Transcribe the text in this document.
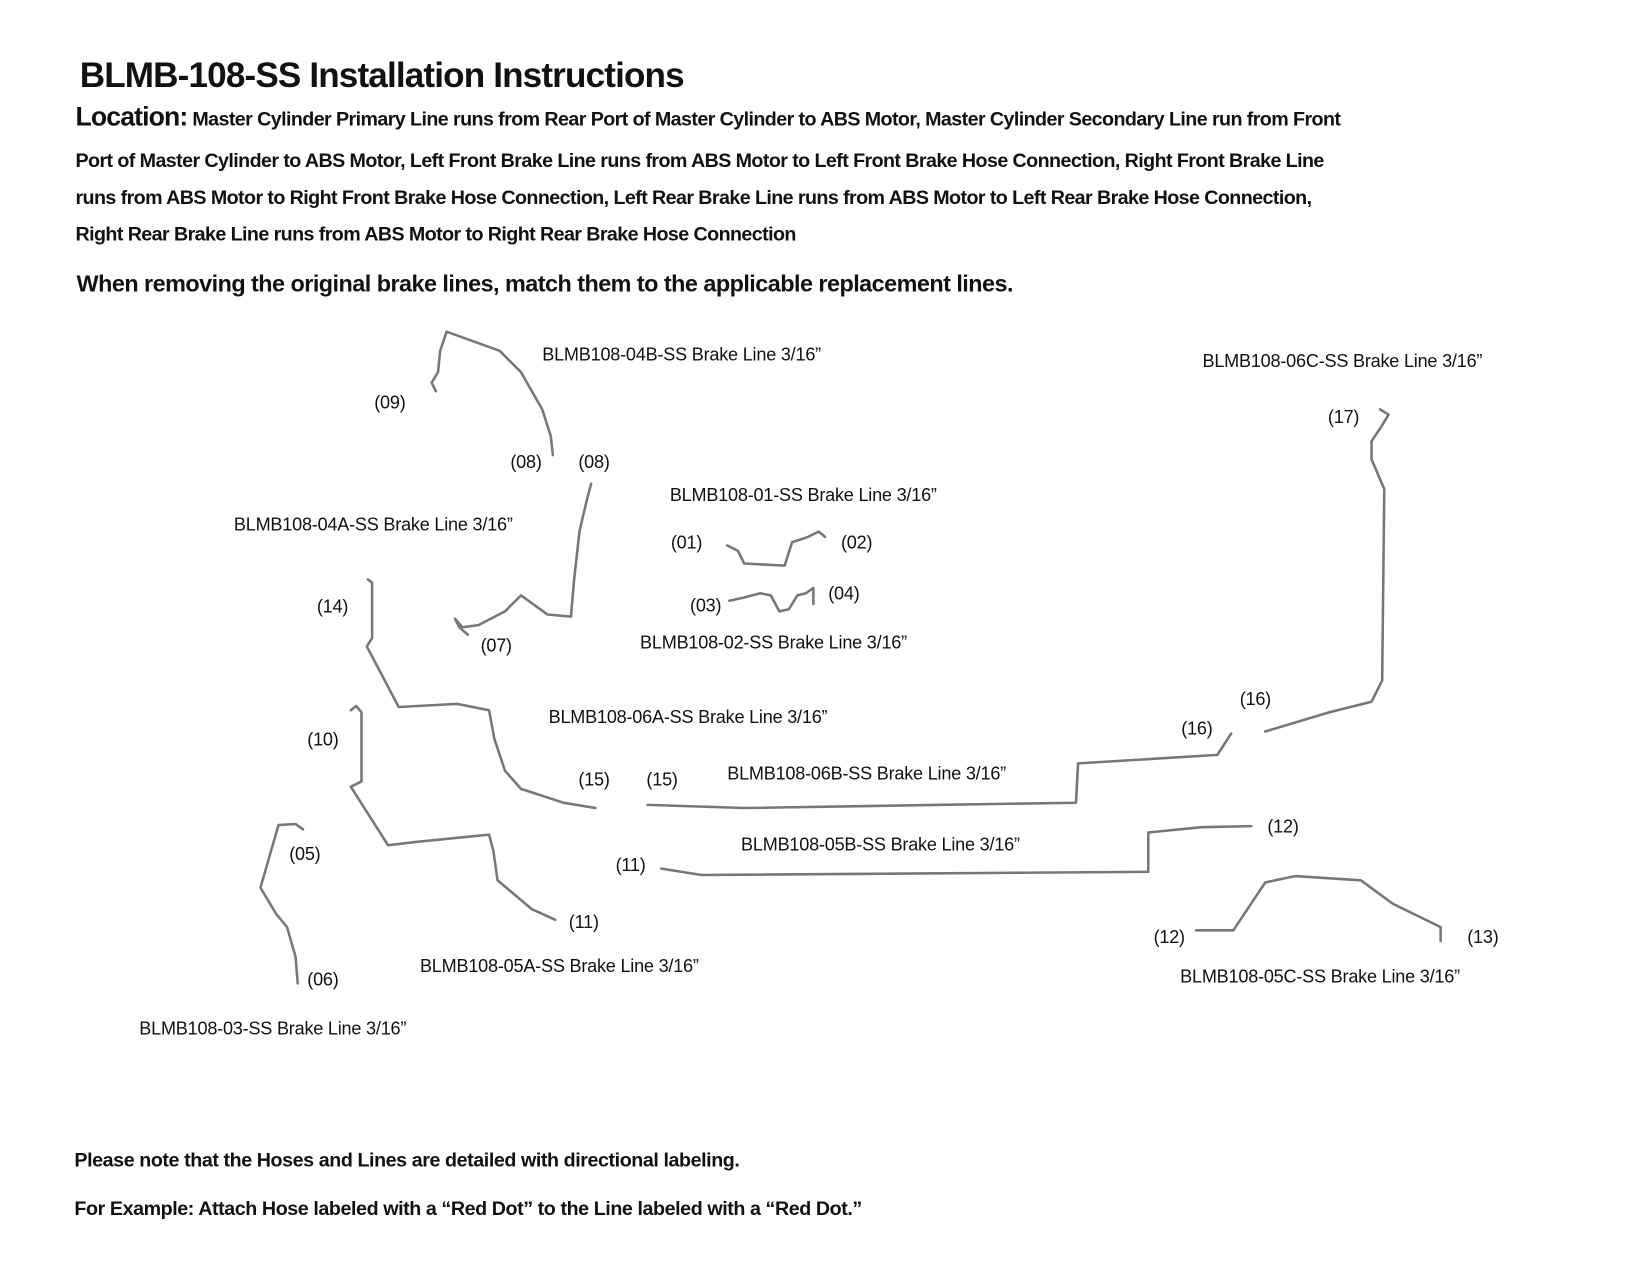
BLMB-108-SS Installation Instructions
Location: Master Cylinder Primary Line runs from Rear Port of Master Cylinder to ABS Motor, Master Cylinder Secondary Line run from Front
Port of Master Cylinder to ABS Motor, Left Front Brake Line runs from ABS Motor to Left Front Brake Hose Connection, Right Front Brake Line
runs from ABS Motor to Right Front Brake Hose Connection, Left Rear Brake Line runs from ABS Motor to Left Rear Brake Hose Connection,
Right Rear Brake Line runs from ABS Motor to Right Rear Brake Hose Connection
When removing the original brake lines, match them to the applicable replacement lines.
BLMB108-04B-SS Brake Line 3/16”	BLMB108-06C-SS Brake Line 3/16”
BLMB108-01-SS Brake Line 3/16”
BLMB108-04A-SS Brake Line 3/16”
BLMB108-02-SS Brake Line 3/16”
BLMB108-06A-SS Brake Line 3/16”
BLMB108-06B-SS Brake Line 3/16”
BLMB108-05B-SS Brake Line 3/16”
BLMB108-05A-SS Brake Line 3/16”
BLMB108-05C-SS Brake Line 3/16”
BLMB108-03-SS Brake Line 3/16”
(09)
(08) (08)
(01)	(02)
(03)
(04)
(14)
(07)
(17)
(16)
(16)
(10)
(15) (15)
(12)
(05)
(11)
(11)
(12)	(13)
(06)
Please note that the Hoses and Lines are detailed with directional labeling.
For Example: Attach Hose labeled with a “Red Dot” to the Line labeled with a “Red Dot.”
